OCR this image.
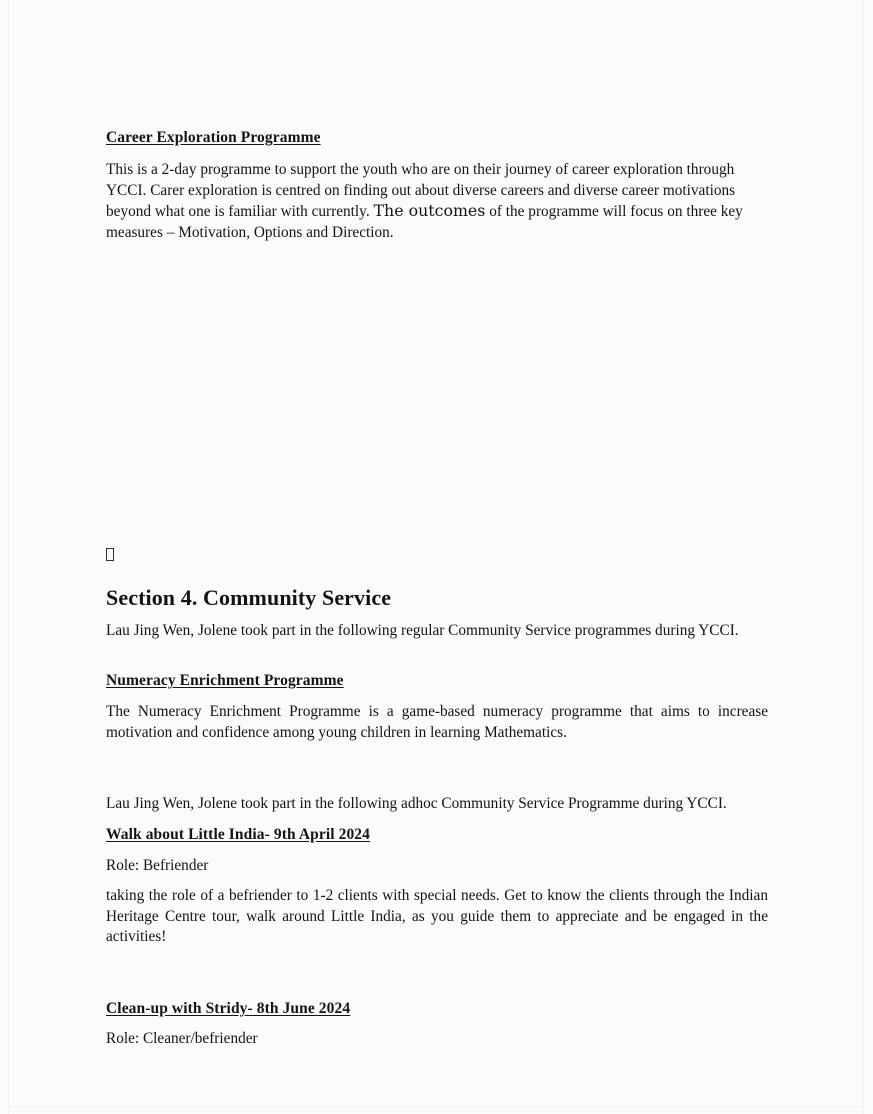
Career Exploration Programme

This is a 2-day programme to support the youth who are on their journey of career exploration through YCCI. Carer exploration is centred on finding out about diverse careers and diverse career motivations beyond what one is familiar with currently. The outcomes of the programme will focus on three key measures – Motivation, Options and Direction.

Section 4. Community Service

Lau Jing Wen, Jolene took part in the following regular Community Service programmes during YCCI.

Numeracy Enrichment Programme

The Numeracy Enrichment Programme is a game-based numeracy programme that aims to increase motivation and confidence among young children in learning Mathematics.

Lau Jing Wen, Jolene took part in the following adhoc Community Service Programme during YCCI.

Walk about Little India- 9th April 2024

Role: Befriender

taking the role of a befriender to 1-2 clients with special needs. Get to know the clients through the Indian Heritage Centre tour, walk around Little India, as you guide them to appreciate and be engaged in the activities!

Clean-up with Stridy- 8th June 2024

Role: Cleaner/befriender
